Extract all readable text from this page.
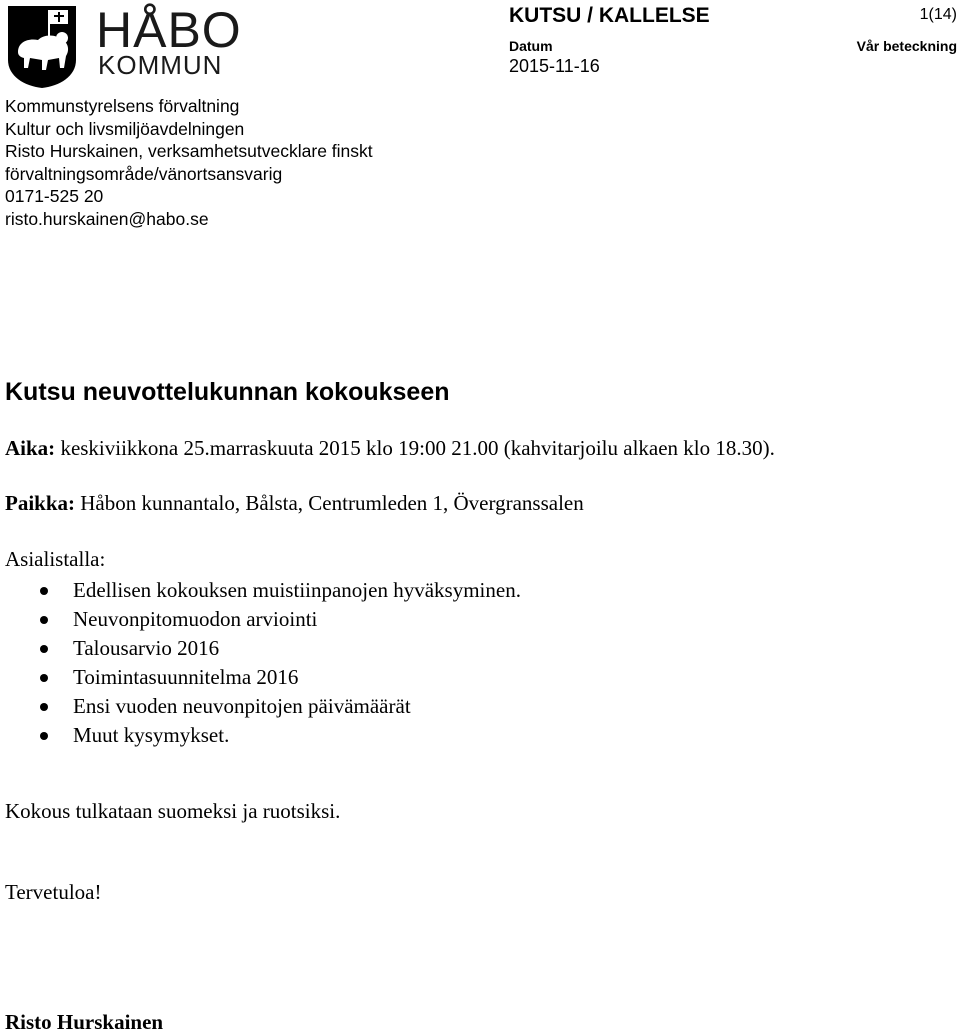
HÅBO
KOMMUN
KUTSU / KALLELSE	1(14)
Datum	Vår beteckning
2015-11-16
Kommunstyrelsens förvaltning
Kultur och livsmiljöavdelningen
Risto Hurskainen, verksamhetsutvecklare finskt
förvaltningsområde/vänortsansvarig
0171-525 20
risto.hurskainen@habo.se
Kutsu neuvottelukunnan kokoukseen
Aika: keskiviikkona 25.marraskuuta 2015 klo 19:00 21.00 (kahvitarjoilu alkaen klo 18.30).
Paikka: Håbon kunnantalo, Bålsta, Centrumleden 1, Övergranssalen
Asialistalla:
Edellisen kokouksen muistiinpanojen hyväksyminen.
Neuvonpitomuodon arviointi
Talousarvio 2016
Toimintasuunnitelma 2016
Ensi vuoden neuvonpitojen päivämäärät
Muut kysymykset.
Kokous tulkataan suomeksi ja ruotsiksi.
Tervetuloa!
Risto Hurskainen
